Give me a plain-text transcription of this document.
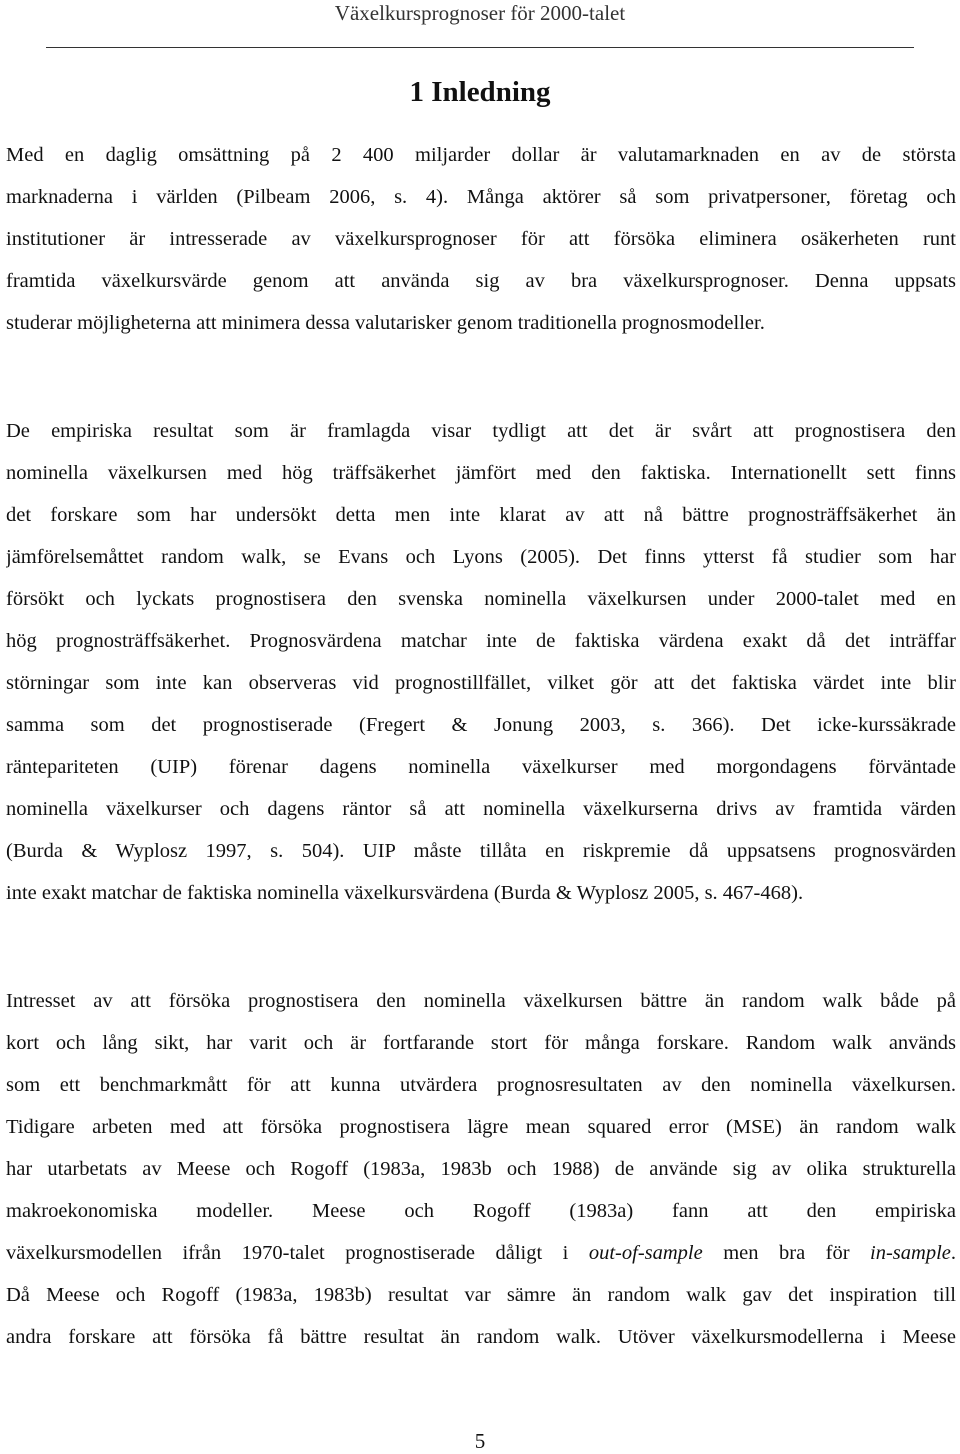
Växelkursprognoser för 2000-talet
1 Inledning
Med en daglig omsättning på 2 400 miljarder dollar är valutamarknaden en av de största
marknaderna i världen (Pilbeam 2006, s. 4). Många aktörer så som privatpersoner, företag och
institutioner är intresserade av växelkursprognoser för att försöka eliminera osäkerheten runt
framtida växelkursvärde genom att använda sig av bra växelkursprognoser. Denna uppsats
studerar möjligheterna att minimera dessa valutarisker genom traditionella prognosmodeller.
De empiriska resultat som är framlagda visar tydligt att det är svårt att prognostisera den
nominella växelkursen med hög träffsäkerhet jämfört med den faktiska. Internationellt sett finns
det forskare som har undersökt detta men inte klarat av att nå bättre prognosträffsäkerhet än
jämförelsemåttet random walk, se Evans och Lyons (2005). Det finns ytterst få studier som har
försökt och lyckats prognostisera den svenska nominella växelkursen under 2000-talet med en
hög prognosträffsäkerhet. Prognosvärdena matchar inte de faktiska värdena exakt då det inträffar
störningar som inte kan observeras vid prognostillfället, vilket gör att det faktiska värdet inte blir
samma som det prognostiserade (Fregert & Jonung 2003, s. 366). Det icke-kurssäkrade
räntepariteten (UIP) förenar dagens nominella växelkurser med morgondagens förväntade
nominella växelkurser och dagens räntor så att nominella växelkurserna drivs av framtida värden
(Burda & Wyplosz 1997, s. 504). UIP måste tillåta en riskpremie då uppsatsens prognosvärden
inte exakt matchar de faktiska nominella växelkursvärdena (Burda & Wyplosz 2005, s. 467-468).
Intresset av att försöka prognostisera den nominella växelkursen bättre än random walk både på
kort och lång sikt, har varit och är fortfarande stort för många forskare. Random walk används
som ett benchmarkmått för att kunna utvärdera prognosresultaten av den nominella växelkursen.
Tidigare arbeten med att försöka prognostisera lägre mean squared error (MSE) än random walk
har utarbetats av Meese och Rogoff (1983a, 1983b och 1988) de använde sig av olika strukturella
makroekonomiska modeller. Meese och Rogoff (1983a) fann att den empiriska
växelkursmodellen ifrån 1970-talet prognostiserade dåligt i out-of-sample men bra för in-sample.
Då Meese och Rogoff (1983a, 1983b) resultat var sämre än random walk gav det inspiration till
andra forskare att försöka få bättre resultat än random walk. Utöver växelkursmodellerna i Meese
5
